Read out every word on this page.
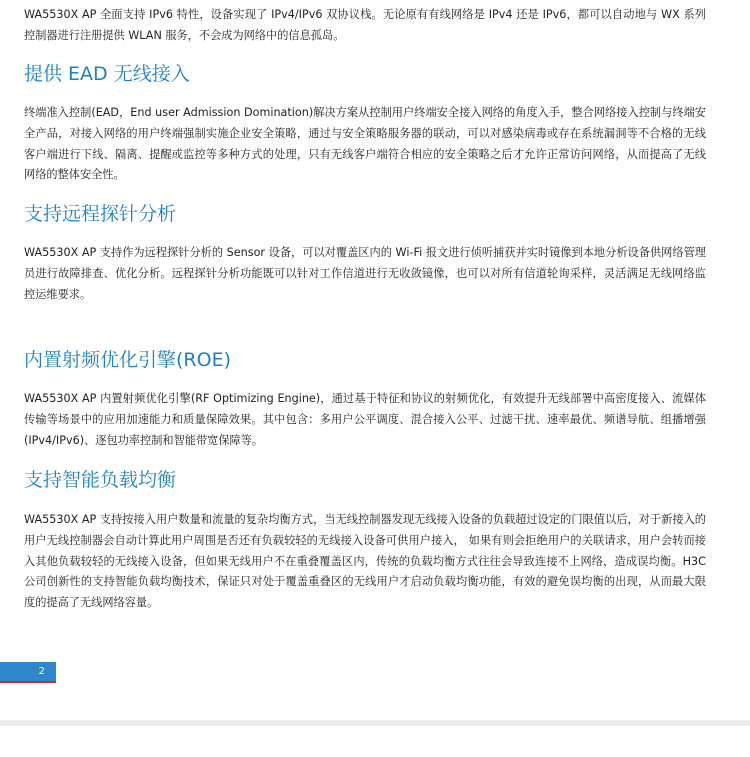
WA5530X AP 全面支持 IPv6 特性，设备实现了 IPv4/IPv6 双协议栈。无论原有有线网络是 IPv4 还是 IPv6，都可以自动地与 WX 系列控制器进行注册提供 WLAN 服务，不会成为网络中的信息孤岛。

提供 EAD 无线接入

终端准入控制(EAD，End user Admission Domination)解决方案从控制用户终端安全接入网络的角度入手，整合网络接入控制与终端安全产品，对接入网络的用户终端强制实施企业安全策略，通过与安全策略服务器的联动，可以对感染病毒或存在系统漏洞等不合格的无线客户端进行下线、隔离、提醒或监控等多种方式的处理，只有无线客户端符合相应的安全策略之后才允许正常访问网络，从而提高了无线网络的整体安全性。

支持远程探针分析

WA5530X AP 支持作为远程探针分析的 Sensor 设备，可以对覆盖区内的 Wi-Fi 报文进行侦听捕获并实时镜像到本地分析设备供网络管理员进行故障排查、优化分析。远程探针分析功能既可以针对工作信道进行无收敛镜像，也可以对所有信道轮询采样，灵活满足无线网络监控运维要求。

内置射频优化引擎(ROE)

WA5530X AP 内置射频优化引擎(RF Optimizing Engine)，通过基于特征和协议的射频优化，有效提升无线部署中高密度接入、流媒体传输等场景中的应用加速能力和质量保障效果。其中包含：多用户公平调度、混合接入公平、过滤干扰、速率最优、频谱导航、组播增强(IPv4/IPv6)、逐包功率控制和智能带宽保障等。

支持智能负载均衡

WA5530X AP 支持按接入用户数量和流量的复杂均衡方式，当无线控制器发现无线接入设备的负载超过设定的门限值以后，对于新接入的用户无线控制器会自动计算此用户周围是否还有负载较轻的无线接入设备可供用户接入， 如果有则会拒绝用户的关联请求，用户会转而接入其他负载较轻的无线接入设备，但如果无线用户不在重叠覆盖区内，传统的负载均衡方式往往会导致连接不上网络，造成误均衡。H3C 公司创新性的支持智能负载均衡技术，保证只对处于覆盖重叠区的无线用户才启动负载均衡功能，有效的避免误均衡的出现，从而最大限度的提高了无线网络容量。

2
